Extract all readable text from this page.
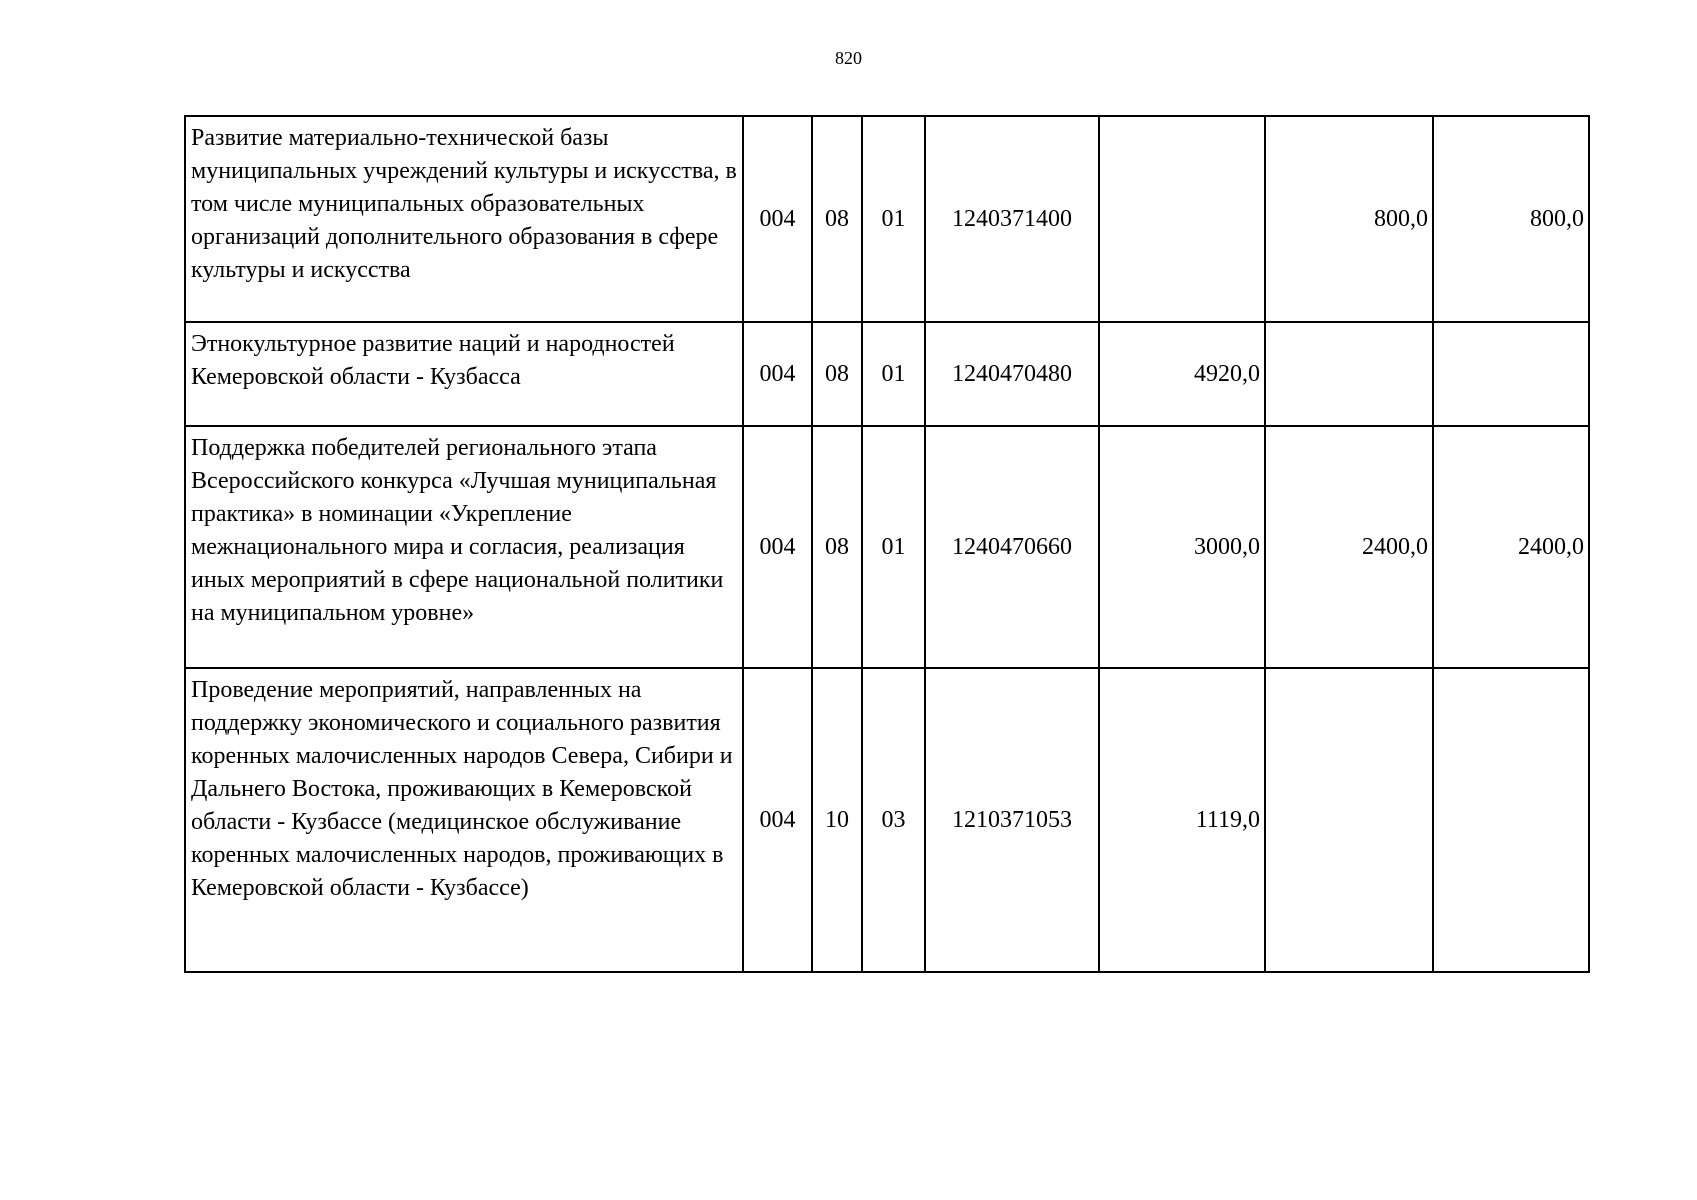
820
Развитие материально-технической базы муниципальных учреждений культуры и искусства, в том числе муниципальных образовательных организаций дополнительного образования в сфере культуры и искусства	004	08	01	1240371400		800,0	800,0
Этнокультурное развитие наций и народностей Кемеровской области - Кузбасса	004	08	01	1240470480	4920,0		
Поддержка победителей регионального этапа Всероссийского конкурса «Лучшая муниципальная практика» в номинации «Укрепление межнационального мира и согласия, реализация иных мероприятий в сфере национальной политики на муниципальном уровне»	004	08	01	1240470660	3000,0	2400,0	2400,0
Проведение мероприятий, направленных на поддержку экономического и социального развития коренных малочисленных народов Севера, Сибири и Дальнего Востока, проживающих в Кемеровской области - Кузбассе (медицинское обслуживание коренных малочисленных народов, проживающих в Кемеровской области - Кузбассе)	004	10	03	1210371053	1119,0		
